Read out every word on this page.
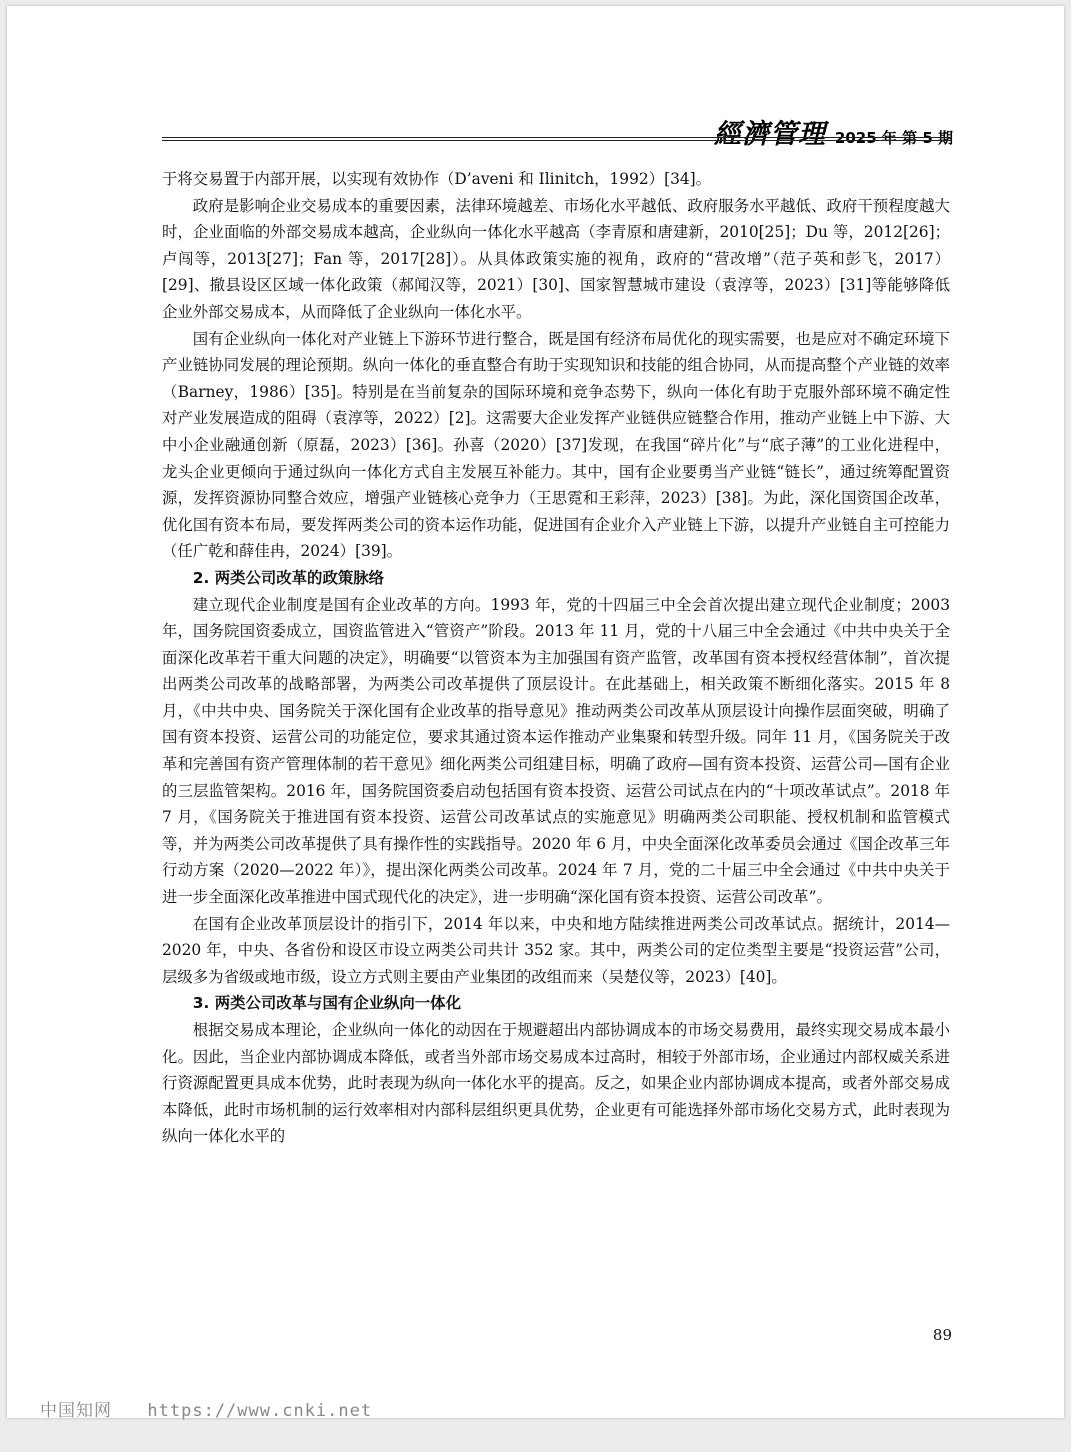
經濟管理 2025 年 第 5 期

于将交易置于内部开展，以实现有效协作（D’aveni 和 Ilinitch，1992）[34]。

政府是影响企业交易成本的重要因素，法律环境越差、市场化水平越低、政府服务水平越低、政府干预程度越大时，企业面临的外部交易成本越高，企业纵向一体化水平越高（李青原和唐建新，2010[25]；Du 等，2012[26]；卢闯等，2013[27]；Fan 等，2017[28]）。从具体政策实施的视角，政府的“营改增”（范子英和彭飞，2017）[29]、撤县设区区域一体化政策（郝闻汉等，2021）[30]、国家智慧城市建设（袁淳等，2023）[31]等能够降低企业外部交易成本，从而降低了企业纵向一体化水平。

国有企业纵向一体化对产业链上下游环节进行整合，既是国有经济布局优化的现实需要，也是应对不确定环境下产业链协同发展的理论预期。纵向一体化的垂直整合有助于实现知识和技能的组合协同，从而提高整个产业链的效率（Barney，1986）[35]。特别是在当前复杂的国际环境和竞争态势下，纵向一体化有助于克服外部环境不确定性对产业发展造成的阻碍（袁淳等，2022）[2]。这需要大企业发挥产业链供应链整合作用，推动产业链上中下游、大中小企业融通创新（原磊，2023）[36]。孙喜（2020）[37]发现，在我国“碎片化”与“底子薄”的工业化进程中，龙头企业更倾向于通过纵向一体化方式自主发展互补能力。其中，国有企业要勇当产业链“链长”，通过统筹配置资源，发挥资源协同整合效应，增强产业链核心竞争力（王思霓和王彩萍，2023）[38]。为此，深化国资国企改革，优化国有资本布局，要发挥两类公司的资本运作功能，促进国有企业介入产业链上下游，以提升产业链自主可控能力（任广乾和薛佳冉，2024）[39]。

2. 两类公司改革的政策脉络

建立现代企业制度是国有企业改革的方向。1993 年，党的十四届三中全会首次提出建立现代企业制度；2003 年，国务院国资委成立，国资监管进入“管资产”阶段。2013 年 11 月，党的十八届三中全会通过《中共中央关于全面深化改革若干重大问题的决定》，明确要“以管资本为主加强国有资产监管，改革国有资本授权经营体制”，首次提出两类公司改革的战略部署，为两类公司改革提供了顶层设计。在此基础上，相关政策不断细化落实。2015 年 8 月，《中共中央、国务院关于深化国有企业改革的指导意见》推动两类公司改革从顶层设计向操作层面突破，明确了国有资本投资、运营公司的功能定位，要求其通过资本运作推动产业集聚和转型升级。同年 11 月，《国务院关于改革和完善国有资产管理体制的若干意见》细化两类公司组建目标，明确了政府—国有资本投资、运营公司—国有企业的三层监管架构。2016 年，国务院国资委启动包括国有资本投资、运营公司试点在内的“十项改革试点”。2018 年 7 月，《国务院关于推进国有资本投资、运营公司改革试点的实施意见》明确两类公司职能、授权机制和监管模式等，并为两类公司改革提供了具有操作性的实践指导。2020 年 6 月，中央全面深化改革委员会通过《国企改革三年行动方案（2020—2022 年）》，提出深化两类公司改革。2024 年 7 月，党的二十届三中全会通过《中共中央关于进一步全面深化改革推进中国式现代化的决定》，进一步明确“深化国有资本投资、运营公司改革”。

在国有企业改革顶层设计的指引下，2014 年以来，中央和地方陆续推进两类公司改革试点。据统计，2014—2020 年，中央、各省份和设区市设立两类公司共计 352 家。其中，两类公司的定位类型主要是“投资运营”公司，层级多为省级或地市级，设立方式则主要由产业集团的改组而来（吴楚仪等，2023）[40]。

3. 两类公司改革与国有企业纵向一体化

根据交易成本理论，企业纵向一体化的动因在于规避超出内部协调成本的市场交易费用，最终实现交易成本最小化。因此，当企业内部协调成本降低，或者当外部市场交易成本过高时，相较于外部市场，企业通过内部权威关系进行资源配置更具成本优势，此时表现为纵向一体化水平的提高。反之，如果企业内部协调成本提高，或者外部交易成本降低，此时市场机制的运行效率相对内部科层组织更具优势，企业更有可能选择外部市场化交易方式，此时表现为纵向一体化水平的

89
中国知网 https://www.cnki.net
